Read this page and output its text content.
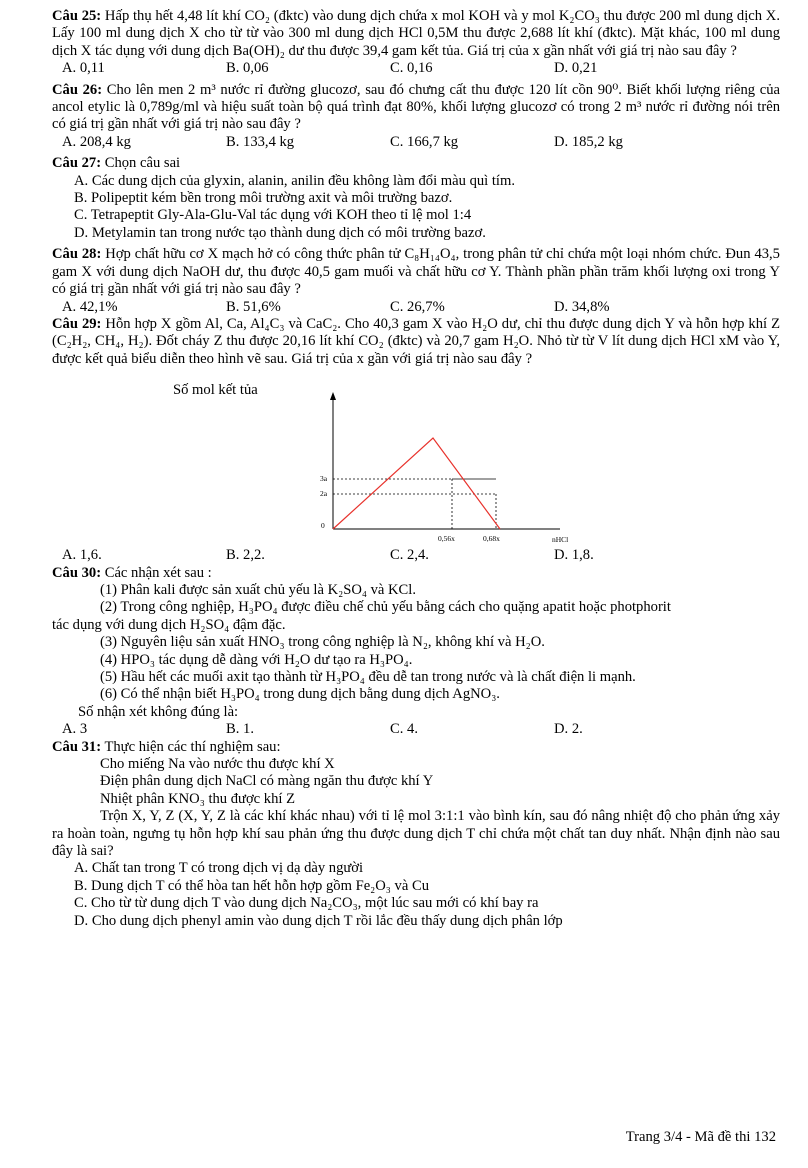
Câu 25: Hấp thụ hết 4,48 lít khí CO₂ (đktc) vào dung dịch chứa x mol KOH và y mol K₂CO₃ thu được 200 ml dung dịch X. Lấy 100 ml dung dịch X cho từ từ vào 300 ml dung dịch HCl 0,5M thu được 2,688 lít khí (đktc). Mặt khác, 100 ml dung dịch X tác dụng với dung dịch Ba(OH)₂ dư thu được 39,4 gam kết tủa. Giá trị của x gần nhất với giá trị nào sau đây ?

A. 0,11	B. 0,06	C. 0,16	D. 0,21

Câu 26: Cho lên men 2 m³ nước rỉ đường glucozơ, sau đó chưng cất thu được 120 lít cồn 90⁰. Biết khối lượng riêng của ancol etylic là 0,789g/ml và hiệu suất toàn bộ quá trình đạt 80%, khối lượng glucozơ có trong 2 m³ nước rỉ đường nói trên có giá trị gần nhất với giá trị nào sau đây ?

A. 208,4 kg	B. 133,4 kg	C. 166,7 kg	D. 185,2 kg

Câu 27: Chọn câu sai

A. Các dung dịch của glyxin, alanin, anilin đều không làm đổi màu quì tím.

B. Polipeptit kém bền trong môi trường axit và môi trường bazơ.

C. Tetrapeptit Gly-Ala-Glu-Val tác dụng với KOH theo tỉ lệ mol 1:4

D. Metylamin tan trong nước tạo thành dung dịch có môi trường bazơ.

Câu 28: Hợp chất hữu cơ X mạch hở có công thức phân tử C₈H₁₄O₄, trong phân tử chỉ chứa một loại nhóm chức. Đun 43,5 gam X với dung dịch NaOH dư, thu được 40,5 gam muối và chất hữu cơ Y. Thành phần phần trăm khối lượng oxi trong Y có giá trị gần nhất với giá trị nào sau đây ?

A. 42,1%	B. 51,6%	C. 26,7%	D. 34,8%

Câu 29: Hỗn hợp X gồm Al, Ca, Al₄C₃ và CaC₂. Cho 40,3 gam X vào H₂O dư, chỉ thu được dung dịch Y và hỗn hợp khí Z (C₂H₂, CH₄, H₂). Đốt cháy Z thu được 20,16 lít khí CO₂ (đktc) và 20,7 gam H₂O. Nhỏ từ từ V lít dung dịch HCl xM vào Y, được kết quả biểu diễn theo hình vẽ sau. Giá trị của x gần với giá trị nào sau đây ?

Số mol kết tủa
3a
2a
0
0,56x	0,68x	nHCl
A. 1,6.	B. 2,2.	C. 2,4.	D. 1,8.

Câu 30: Các nhận xét sau :

(1) Phân kali được sản xuất chủ yếu là K₂SO₄ và KCl.

(2) Trong công nghiệp, H₃PO₄ được điều chế chủ yếu bằng cách cho quặng apatit hoặc photphorit

tác dụng với dung dịch H₂SO₄ đậm đặc.

(3) Nguyên liệu sản xuất HNO₃ trong công nghiệp là N₂, không khí và H₂O.

(4) HPO₃ tác dụng dễ dàng với H₂O dư tạo ra H₃PO₄.

(5) Hầu hết các muối axit tạo thành từ H₃PO₄ đều dễ tan trong nước và là chất điện li mạnh.

(6) Có thể nhận biết H₃PO₄ trong dung dịch bằng dung dịch AgNO₃.

Số nhận xét không đúng là:

A. 3	B. 1.	C. 4.	D. 2.

Câu 31: Thực hiện các thí nghiệm sau:

Cho miếng Na vào nước thu được khí X

Điện phân dung dịch NaCl có màng ngăn thu được khí Y

Nhiệt phân KNO₃ thu được khí Z

Trộn X, Y, Z (X, Y, Z là các khí khác nhau) với tỉ lệ mol 3:1:1 vào bình kín, sau đó nâng nhiệt độ cho phản ứng xảy ra hoàn toàn, ngưng tụ hỗn hợp khí sau phản ứng thu được dung dịch T chỉ chứa một chất tan duy nhất. Nhận định nào sau đây là sai?

A. Chất tan trong T có trong dịch vị dạ dày người

B. Dung dịch T có thể hòa tan hết hỗn hợp gồm Fe₂O₃ và Cu

C. Cho từ từ dung dịch T vào dung dịch Na₂CO₃, một lúc sau mới có khí bay ra

D. Cho dung dịch phenyl amin vào dung dịch T rồi lắc đều thấy dung dịch phân lớp

Trang 3/4 - Mã đề thi 132
